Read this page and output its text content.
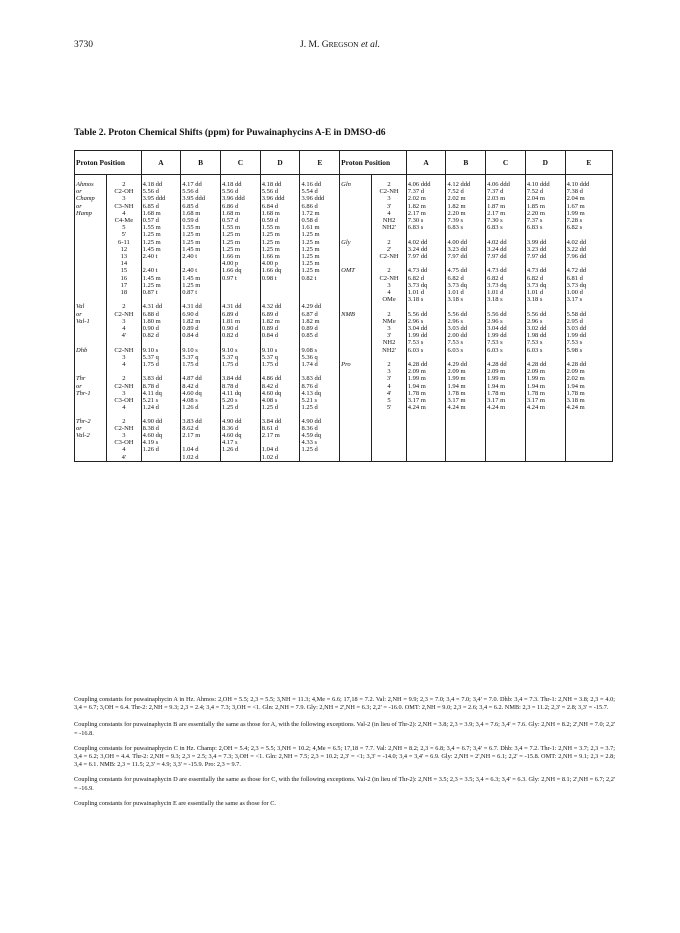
3730	J. M. GREGSON et al.
Table 2. Proton Chemical Shifts (ppm) for Puwainaphycins A-E in DMSO-d6
Proton Position		A	B	C	D	E	Proton Position		A	B	C	D	E

Ahmos	2	4.18 dd	4.17 dd	4.18 dd	4.18 dd	4.16 dd	Gln	2	4.06 ddd	4.12 ddd	4.06 ddd	4.10 ddd	4.10 ddd
or	C2-OH	5.56 d	5.56 d	5.56 d	5.56 d	5.54 d		C2-NH	7.37 d	7.52 d	7.37 d	7.52 d	7.38 d
Champ	3	3.95 ddd	3.95 ddd	3.96 ddd	3.96 ddd	3.96 ddd		3	2.02 m	2.02 m	2.03 m	2.04 m	2.04 m
or	C3-NH	6.85 d	6.85 d	6.86 d	6.84 d	6.86 d		3'	1.82 m	1.82 m	1.87 m	1.85 m	1.67 m
Hamp	4	1.68 m	1.68 m	1.68 m	1.68 m	1.72 m		4	2.17 m	2.20 m	2.17 m	2.20 m	1.99 m
	C4-Me	0.57 d	0.59 d	0.57 d	0.59 d	0.58 d		NH2	7.30 s	7.39 s	7.30 s	7.37 s	7.28 s
	5	1.55 m	1.55 m	1.55 m	1.55 m	1.61 m		NH2'	6.83 s	6.83 s	6.83 s	6.83 s	6.82 s
	5'	1.25 m	1.25 m	1.25 m	1.25 m	1.25 m							
	6-11	1.25 m	1.25 m	1.25 m	1.25 m	1.25 m	Gly	2	4.02 dd	4.00 dd	4.02 dd	3.99 dd	4.02 dd
	12	1.45 m	1.45 m	1.25 m	1.25 m	1.25 m		2'	3.24 dd	3.23 dd	3.24 dd	3.23 dd	3.22 dd
	13	2.40 t	2.40 t	1.66 m	1.66 m	1.25 m		C2-NH	7.97 dd	7.97 dd	7.97 dd	7.97 dd	7.96 dd
	14			4.00 p	4.00 p	1.25 m							
	15	2.40 t	2.40 t	1.66 dq	1.66 dq	1.25 m	OMT	2	4.73 dd	4.75 dd	4.73 dd	4.73 dd	4.72 dd
	16	1.45 m	1.45 m	0.97 t	0.98 t	0.82 t		C2-NH	6.82 d	6.82 d	6.82 d	6.82 d	6.81 d
	17	1.25 m	1.25 m					3	3.73 dq	3.73 dq	3.73 dq	3.73 dq	3.73 dq
	18	0.87 t	0.87 t					4	1.01 d	1.01 d	1.01 d	1.01 d	1.00 d
								OMe	3.18 s	3.18 s	3.18 s	3.18 s	3.17 s
Val	2	4.31 dd	4.31 dd	4.31 dd	4.32 dd	4.29 dd							
or	C2-NH	6.88 d	6.90 d	6.89 d	6.89 d	6.87 d	NMB	2	5.56 dd	5.56 dd	5.56 dd	5.56 dd	5.58 dd
Val-1	3	1.80 m	1.82 m	1.81 m	1.82 m	1.82 m		NMe	2.96 s	2.96 s	2.96 s	2.96 s	2.95 d
	4	0.90 d	0.89 d	0.90 d	0.89 d	0.89 d		3	3.04 dd	3.03 dd	3.04 dd	3.02 dd	3.03 dd
	4'	0.82 d	0.84 d	0.82 d	0.84 d	0.85 d		3'	1.99 dd	2.00 dd	1.99 dd	1.98 dd	1.99 dd
								NH2	7.53 s	7.53 s	7.53 s	7.53 s	7.53 s
Dhb	C2-NH	9.10 s	9.10 s	9.10 s	9.10 s	9.08 s		NH2'	6.03 s	6.03 s	6.03 s	6.03 s	5.98 s
	3	5.37 q	5.37 q	5.37 q	5.37 q	5.36 q							
	4	1.75 d	1.75 d	1.75 d	1.75 d	1.74 d	Pro	2	4.28 dd	4.29 dd	4.28 dd	4.28 dd	4.28 dd
								3	2.09 m	2.09 m	2.09 m	2.09 m	2.09 m
Thr	2	3.83 dd	4.87 dd	3.84 dd	4.86 dd	3.83 dd		3'	1.99 m	1.99 m	1.99 m	1.99 m	2.02 m
or	C2-NH	8.78 d	8.42 d	8.78 d	8.42 d	8.76 d		4	1.94 m	1.94 m	1.94 m	1.94 m	1.94 m
Thr-1	3	4.11 dq	4.60 dq	4.11 dq	4.60 dq	4.13 dq		4'	1.78 m	1.78 m	1.78 m	1.78 m	1.78 m
	C3-OH	5.21 s	4.08 s	5.20 s	4.08 s	5.21 s		5	3.17 m	3.17 m	3.17 m	3.17 m	3.18 m
	4	1.24 d	1.26 d	1.25 d	1.25 d	1.25 d		5'	4.24 m	4.24 m	4.24 m	4.24 m	4.24 m

Thr-2	2	4.90 dd	3.83 dd	4.90 dd	3.84 dd	4.90 dd							
or	C2-NH	8.38 d	8.62 d	8.36 d	8.61 d	8.36 d							
Val-2	3	4.60 dq	2.17 m	4.60 dq	2.17 m	4.59 dq							
	C3-OH	4.19 s		4.17 s		4.33 s							
	4	1.26 d	1.04 d	1.26 d	1.04 d	1.25 d							
	4'		1.02 d		1.02 d								

Coupling constants for puwainaphycin A in Hz. Ahmos: 2,OH = 5.5; 2,3 = 5.5; 3,NH = 11.3; 4,Me = 6.6; 17,18 = 7.2. Val: 2,NH = 9.9; 2,3 = 7.0; 3,4 = 7.0; 3,4' = 7.0. Dhb: 3,4 = 7.3. Thr-1: 2,NH = 3.8; 2,3 = 4.0; 3,4 = 6.7; 3,OH = 6.4. Thr-2: 2,NH = 9.3; 2,3 = 2.4; 3,4 = 7.3; 3,OH = <1. Gln: 2,NH = 7.9. Gly: 2,NH = 2',NH = 6.3; 2,2' = -16.0. OMT: 2,NH = 9.0; 2,3 = 2.6; 3,4 = 6.2. NMB: 2,3 = 11.2; 2,3' = 2.8; 3,3' = -15.7.

Coupling constants for puwainaphycin B are essentially the same as those for A, with the following exceptions. Val-2 (in lieu of Thr-2): 2,NH = 3.8; 2,3 = 3.9; 3,4 = 7.6; 3,4' = 7.6. Gly: 2,NH = 8.2; 2',NH = 7.0; 2,2' = -16.8.

Coupling constants for puwainaphycin C in Hz. Champ: 2,OH = 5.4; 2,3 = 5.5; 3,NH = 10.2; 4,Me = 6.5; 17,18 = 7.7. Val: 2,NH = 8.2; 2,3 = 6.8; 3,4 = 6.7; 3,4' = 6.7. Dhb: 3,4 = 7.2. Thr-1: 2,NH = 3.7; 2,3 = 3.7; 3,4 = 6.2; 3,OH = 4.4. Thr-2: 2,NH = 9.3; 2,3 = 2.5; 3,4 = 7.3; 3,OH = <1. Gln: 2,NH = 7.5; 2,3 = 10.2; 2,3' = <1; 3,3' = -14.0; 3,4 = 3,4' = 6.9. Gly: 2,NH = 2',NH = 6.1; 2,2' = -15.8. OMT: 2,NH = 9.1; 2,3 = 2.8; 3,4 = 6.1. NMB: 2,3 = 11.5; 2,3' = 4.9; 3,3' = -15.9. Pro: 2,3 = 9.7.

Coupling constants for puwainaphycin D are essentially the same as those for C, with the following exceptions. Val-2 (in lieu of Thr-2): 2,NH = 3.5; 2,3 = 3.5; 3,4 = 6.3; 3,4' = 6.3. Gly: 2,NH = 8.1; 2',NH = 6.7; 2,2' = -16.9.

Coupling constants for puwainaphycin E are essentially the same as those for C.
